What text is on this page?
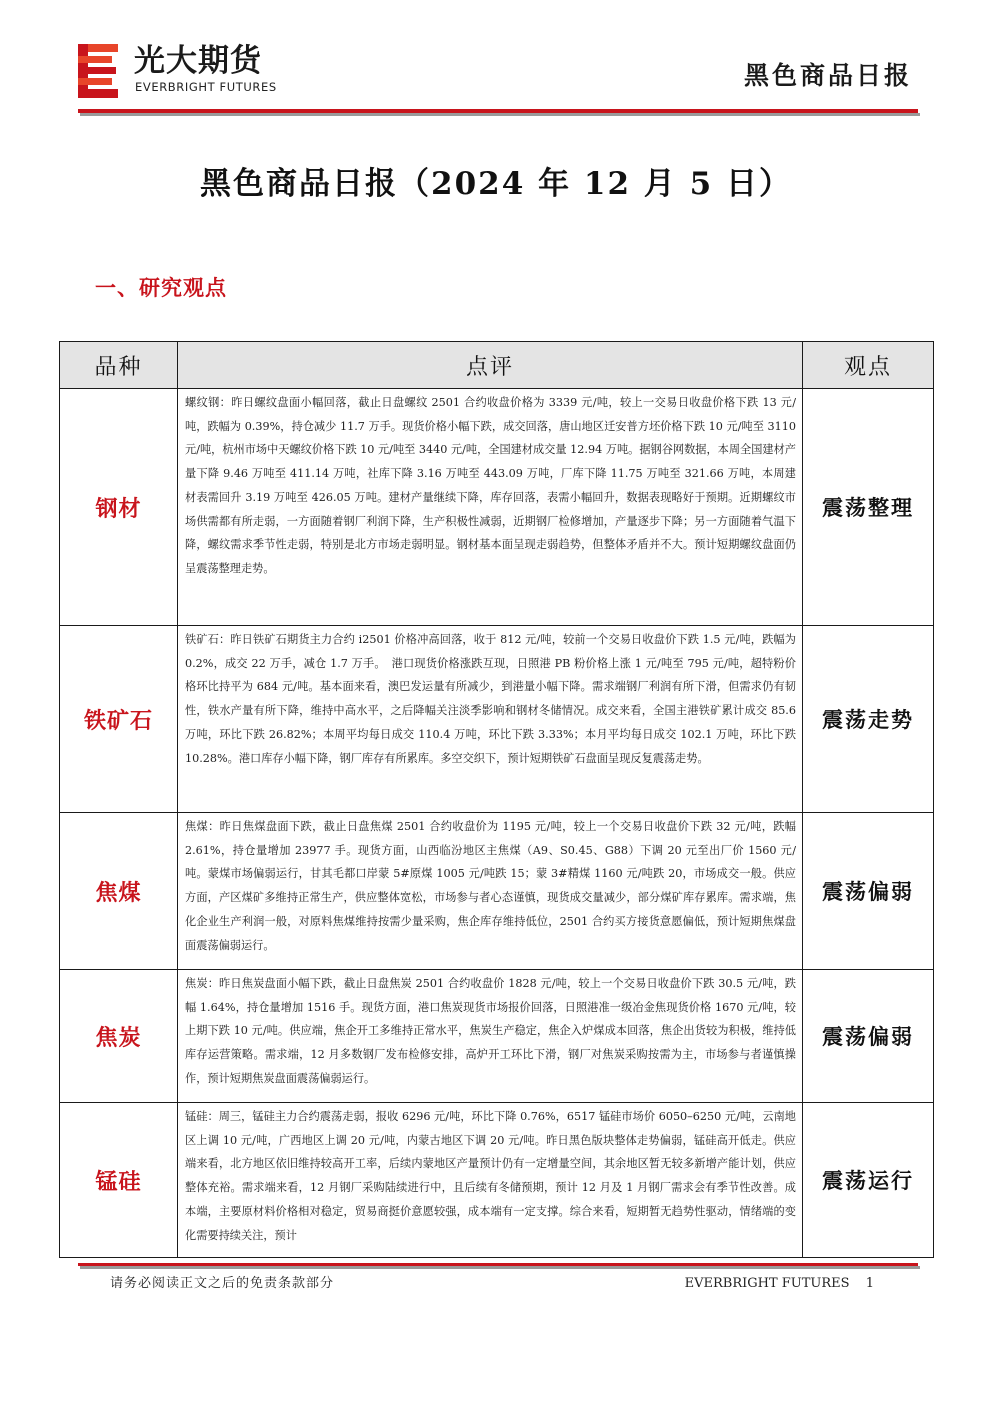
光大期货
EVERBRIGHT FUTURES	黑色商品日报
黑色商品日报（2024 年 12 月 5 日）
一、研究观点
品种	点评	观点
钢材	螺纹钢：昨日螺纹盘面小幅回落，截止日盘螺纹 2501 合约收盘价格为 3339 元/吨，较上一交易日收盘价格下跌 13 元/吨，跌幅为 0.39%，持仓减少 11.7 万手。现货价格小幅下跌，成交回落，唐山地区迁安普方坯价格下跌 10 元/吨至 3110 元/吨，杭州市场中天螺纹价格下跌 10 元/吨至 3440 元/吨，全国建材成交量 12.94 万吨。据钢谷网数据，本周全国建材产量下降 9.46 万吨至 411.14 万吨，社库下降 3.16 万吨至 443.09 万吨，厂库下降 11.75 万吨至 321.66 万吨，本周建材表需回升 3.19 万吨至 426.05 万吨。建材产量继续下降，库存回落，表需小幅回升，数据表现略好于预期。近期螺纹市场供需都有所走弱，一方面随着钢厂利润下降，生产积极性减弱，近期钢厂检修增加，产量逐步下降；另一方面随着气温下降，螺纹需求季节性走弱，特别是北方市场走弱明显。钢材基本面呈现走弱趋势，但整体矛盾并不大。预计短期螺纹盘面仍呈震荡整理走势。	震荡整理
铁矿石	铁矿石：昨日铁矿石期货主力合约 i2501 价格冲高回落，收于 812 元/吨，较前一个交易日收盘价下跌 1.5 元/吨，跌幅为 0.2%，成交 22 万手，减仓 1.7 万手。　港口现货价格涨跌互现，日照港 PB 粉价格上涨 1 元/吨至 795 元/吨，超特粉价格环比持平为 684 元/吨。基本面来看，澳巴发运量有所减少，到港量小幅下降。需求端钢厂利润有所下滑，但需求仍有韧性，铁水产量有所下降，维持中高水平，之后降幅关注淡季影响和钢材冬储情况。成交来看，全国主港铁矿累计成交 85.6 万吨，环比下跌 26.82%；本周平均每日成交 110.4 万吨，环比下跌 3.33%；本月平均每日成交 102.1 万吨，环比下跌 10.28%。港口库存小幅下降，钢厂库存有所累库。多空交织下，预计短期铁矿石盘面呈现反复震荡走势。	震荡走势
焦煤	焦煤：昨日焦煤盘面下跌，截止日盘焦煤 2501 合约收盘价为 1195 元/吨，较上一个交易日收盘价下跌 32 元/吨，跌幅 2.61%，持仓量增加 23977 手。现货方面，山西临汾地区主焦煤（A9、S0.45、G88）下调 20 元至出厂价 1560 元/吨。蒙煤市场偏弱运行，甘其毛都口岸蒙 5#原煤 1005 元/吨跌 15；蒙 3#精煤 1160 元/吨跌 20，市场成交一般。供应方面，产区煤矿多维持正常生产，供应整体宽松，市场参与者心态谨慎，现货成交量减少，部分煤矿库存累库。需求端，焦化企业生产利润一般，对原料焦煤维持按需少量采购，焦企库存维持低位，2501 合约买方接货意愿偏低，预计短期焦煤盘面震荡偏弱运行。	震荡偏弱
焦炭	焦炭：昨日焦炭盘面小幅下跌，截止日盘焦炭 2501 合约收盘价 1828 元/吨，较上一个交易日收盘价下跌 30.5 元/吨，跌幅 1.64%，持仓量增加 1516 手。现货方面，港口焦炭现货市场报价回落，日照港准一级冶金焦现货价格 1670 元/吨，较上期下跌 10 元/吨。供应端，焦企开工多维持正常水平，焦炭生产稳定，焦企入炉煤成本回落，焦企出货较为积极，维持低库存运营策略。需求端，12 月多数钢厂发布检修安排，高炉开工环比下滑，钢厂对焦炭采购按需为主，市场参与者谨慎操作，预计短期焦炭盘面震荡偏弱运行。	震荡偏弱
锰硅	锰硅：周三，锰硅主力合约震荡走弱，报收 6296 元/吨，环比下降 0.76%，6517 锰硅市场价 6050–6250 元/吨，云南地区上调 10 元/吨，广西地区上调 20 元/吨，内蒙古地区下调 20 元/吨。昨日黑色版块整体走势偏弱，锰硅高开低走。供应端来看，北方地区依旧维持较高开工率，后续内蒙地区产量预计仍有一定增量空间，其余地区暂无较多新增产能计划，供应整体充裕。需求端来看，12 月钢厂采购陆续进行中，且后续有冬储预期，预计 12 月及 1 月钢厂需求会有季节性改善。成本端，主要原材料价格相对稳定，贸易商挺价意愿较强，成本端有一定支撑。综合来看，短期暂无趋势性驱动，情绪端的变化需要持续关注，预计	震荡运行
请务必阅读正文之后的免责条款部分	EVERBRIGHT FUTURES 1
